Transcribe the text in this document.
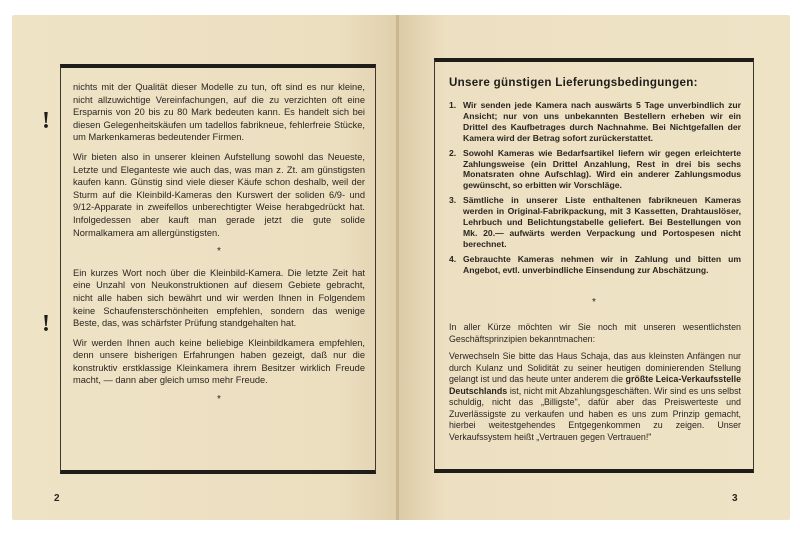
!
!

nichts mit der Qualität dieser Modelle zu tun, oft sind es nur kleine, nicht allzuwichtige Vereinfachungen, auf die zu verzichten oft eine Ersparnis von 20 bis zu 80 Mark bedeuten kann. Es handelt sich bei diesen Gelegenheitskäufen um tadellos fabrikneue, fehlerfreie Stücke, um Markenkameras bedeutender Firmen.

Wir bieten also in unserer kleinen Aufstellung sowohl das Neueste, Letzte und Eleganteste wie auch das, was man z. Zt. am günstigsten kaufen kann. Günstig sind viele dieser Käufe schon deshalb, weil der Sturm auf die Kleinbild-Kameras den Kurswert der soliden 6/9- und 9/12-Apparate in zweifellos unberechtigter Weise herabgedrückt hat. Infolgedessen aber kauft man gerade jetzt die gute solide Normalkamera am allergünstigsten.

*

Ein kurzes Wort noch über die Kleinbild-Kamera. Die letzte Zeit hat eine Unzahl von Neukonstruktionen auf diesem Gebiete gebracht, nicht alle haben sich bewährt und wir werden Ihnen in Folgendem keine Schaufensterschönheiten empfehlen, sondern das wenige Beste, das, was schärfster Prüfung standgehalten hat.

Wir werden Ihnen auch keine beliebige Kleinbildkamera empfehlen, denn unsere bisherigen Erfahrungen haben gezeigt, daß nur die konstruktiv erstklassige Kleinkamera ihrem Besitzer wirklich Freude macht, — dann aber gleich umso mehr Freude.

*
2
Unsere günstigen Lieferungsbedingungen:
1. Wir senden jede Kamera nach auswärts 5 Tage unverbindlich zur Ansicht; nur von uns unbekannten Bestellern erheben wir ein Drittel des Kaufbetrages durch Nachnahme. Bei Nichtgefallen der Kamera wird der Betrag sofort zurückerstattet.
2. Sowohl Kameras wie Bedarfsartikel liefern wir gegen erleichterte Zahlungsweise (ein Drittel Anzahlung, Rest in drei bis sechs Monatsraten ohne Aufschlag). Wird ein anderer Zahlungsmodus gewünscht, so erbitten wir Vorschläge.
3. Sämtliche in unserer Liste enthaltenen fabrikneuen Kameras werden in Original-Fabrikpackung, mit 3 Kassetten, Drahtauslöser, Lehrbuch und Belichtungstabelle geliefert. Bei Bestellungen von Mk. 20.— aufwärts werden Verpackung und Portospesen nicht berechnet.
4. Gebrauchte Kameras nehmen wir in Zahlung und bitten um Angebot, evtl. unverbindliche Einsendung zur Abschätzung.
*

In aller Kürze möchten wir Sie noch mit unseren wesentlichsten Geschäftsprinzipien bekanntmachen:

Verwechseln Sie bitte das Haus Schaja, das aus kleinsten Anfängen nur durch Kulanz und Solidität zu seiner heutigen dominierenden Stellung gelangt ist und das heute unter anderem die größte Leica-Verkaufsstelle Deutschlands ist, nicht mit Abzahlungsgeschäften. Wir sind es uns selbst schuldig, nicht das „Billigste", dafür aber das Preiswerteste und Zuverlässigste zu verkaufen und haben es uns zum Prinzip gemacht, hierbei weitestgehendes Entgegenkommen zu zeigen. Unser Verkaufssystem heißt „Vertrauen gegen Vertrauen!"

3
